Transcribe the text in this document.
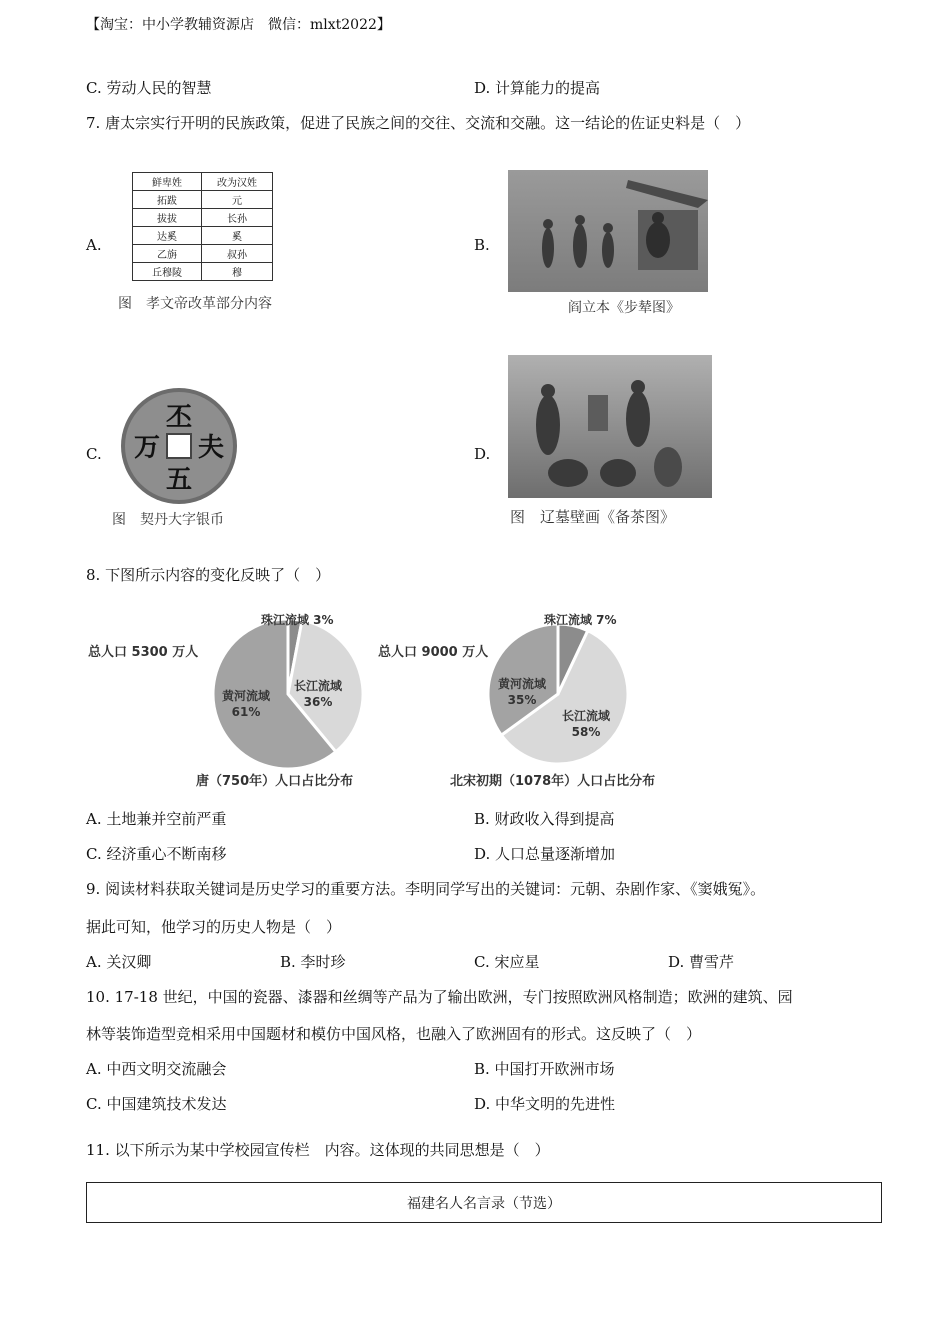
【淘宝：中小学教辅资源店　微信：mlxt2022】
C. 劳动人民的智慧	D. 计算能力的提高
7. 唐太宗实行开明的民族政策，促进了民族之间的交往、交流和交融。这一结论的佐证史料是（　）
A.	B.
C.	D.
鲜卑姓	改为汉姓
拓跋	元
拔拔	长孙
达奚	奚
乙旃	叔孙
丘穆陵	穆
图　孝文帝改革部分内容	阎立本《步辇图》
丕
夫
五
万
图　契丹大字银币	图　辽墓壁画《备茶图》
8. 下图所示内容的变化反映了（　）
黄河流域 61%
长江流域 36%
珠江流域 3%
黄河流域 35%
长江流域 58%
珠江流域 7%
总人口 5300 万人	总人口 9000 万人
唐（750年）人口占比分布	北宋初期（1078年）人口占比分布
A. 土地兼并空前严重	B. 财政收入得到提高
C. 经济重心不断南移	D. 人口总量逐渐增加
9. 阅读材料获取关键词是历史学习的重要方法。李明同学写出的关键词：元朝、杂剧作家、《窦娥冤》。
据此可知，他学习的历史人物是（　）
A. 关汉卿	B. 李时珍	C. 宋应星	D. 曹雪芹
10. 17-18 世纪，中国的瓷器、漆器和丝绸等产品为了输出欧洲，专门按照欧洲风格制造；欧洲的建筑、园
林等装饰造型竞相采用中国题材和模仿中国风格，也融入了欧洲固有的形式。这反映了（　）
A. 中西文明交流融会	B. 中国打开欧洲市场
C. 中国建筑技术发达	D. 中华文明的先进性
11. 以下所示为某中学校园宣传栏　内容。这体现的共同思想是（　）
福建名人名言录（节选）
